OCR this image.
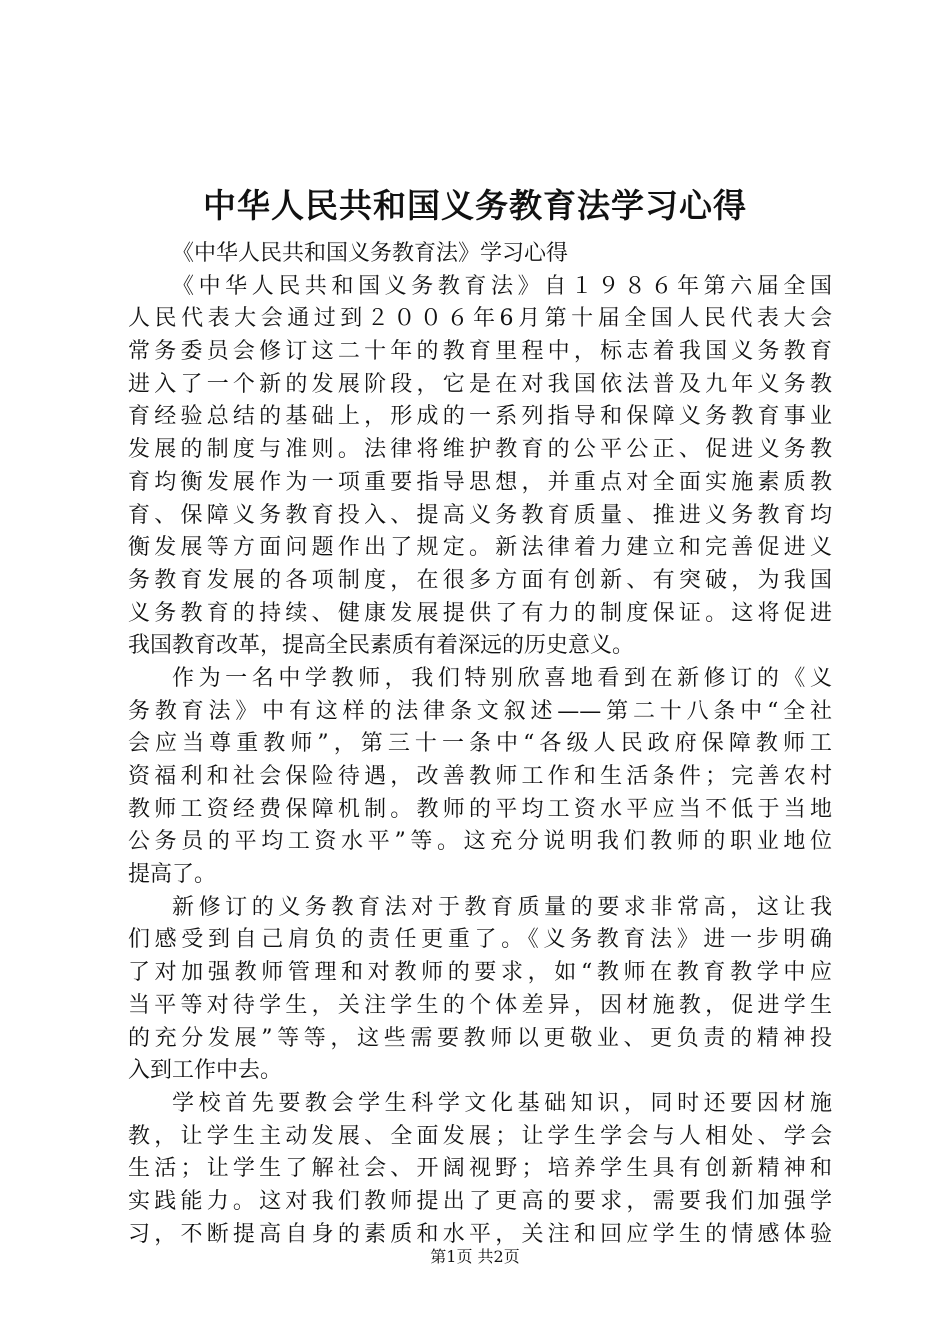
中华人民共和国义务教育法学习心得
《中华人民共和国义务教育法》学习心得
《中华人民共和国义务教育法》自１９８６年第六届全国
人民代表大会通过到２００６年6月第十届全国人民代表大会
常务委员会修订这二十年的教育里程中，标志着我国义务教育
进入了一个新的发展阶段，它是在对我国依法普及九年义务教
育经验总结的基础上，形成的一系列指导和保障义务教育事业
发展的制度与准则。法律将维护教育的公平公正、促进义务教
育均衡发展作为一项重要指导思想，并重点对全面实施素质教
育、保障义务教育投入、提高义务教育质量、推进义务教育均
衡发展等方面问题作出了规定。新法律着力建立和完善促进义
务教育发展的各项制度，在很多方面有创新、有突破，为我国
义务教育的持续、健康发展提供了有力的制度保证。这将促进
我国教育改革，提高全民素质有着深远的历史意义。
作为一名中学教师，我们特别欣喜地看到在新修订的《义
务教育法》中有这样的法律条文叙述——第二十八条中“全社
会应当尊重教师”，第三十一条中“各级人民政府保障教师工
资福利和社会保险待遇，改善教师工作和生活条件；完善农村
教师工资经费保障机制。教师的平均工资水平应当不低于当地
公务员的平均工资水平”等。这充分说明我们教师的职业地位
提高了。
新修订的义务教育法对于教育质量的要求非常高，这让我
们感受到自己肩负的责任更重了。《义务教育法》进一步明确
了对加强教师管理和对教师的要求，如“教师在教育教学中应
当平等对待学生，关注学生的个体差异，因材施教，促进学生
的充分发展”等等，这些需要教师以更敬业、更负责的精神投
入到工作中去。
学校首先要教会学生科学文化基础知识，同时还要因材施
教，让学生主动发展、全面发展；让学生学会与人相处、学会
生活；让学生了解社会、开阔视野；培养学生具有创新精神和
实践能力。这对我们教师提出了更高的要求，需要我们加强学
习，不断提高自身的素质和水平，关注和回应学生的情感体验
第1页 共2页
